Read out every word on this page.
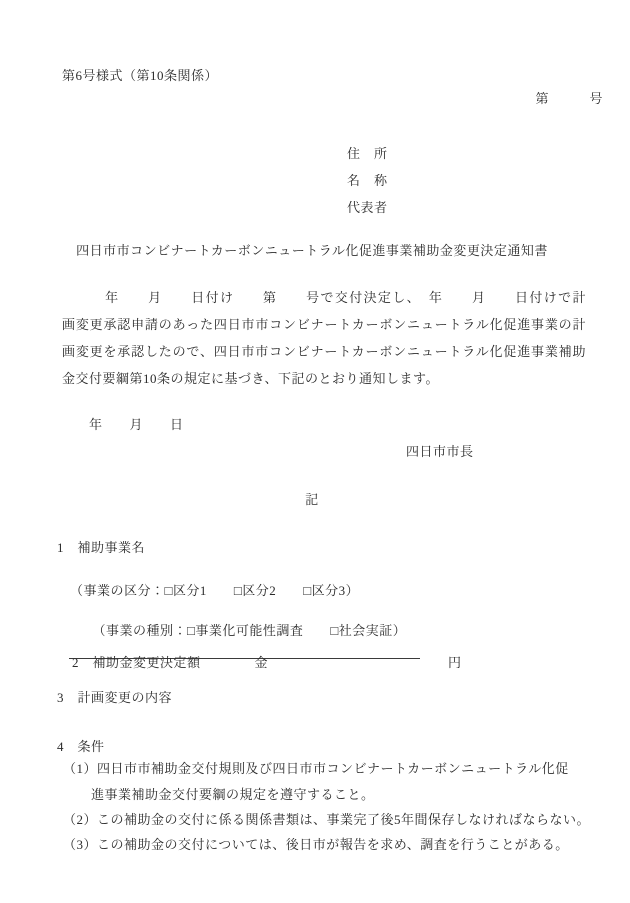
第6号様式（第10条関係）
第　　　号
住　所
名　称
代表者
四日市市コンビナートカーボンニュートラル化促進事業補助金変更決定通知書
　　　年　　月　　日付け　　第　　号で交付決定し、　年　　月　　日付けで計
画変更承認申請のあった四日市市コンビナートカーボンニュートラル化促進事業の計
画変更を承認したので、四日市市コンビナートカーボンニュートラル化促進事業補助
金交付要綱第10条の規定に基づき、下記のとおり通知します。
　　年　　月　　日
四日市市長
記
1　補助事業名

（事業の区分：□区分1 □区分2 □区分3）

（事業の種別：□事業化可能性調査 □社会実証）

2　補助金変更決定額	金	円

3　計画変更の内容
4　条件
（1）四日市市補助金交付規則及び四日市市コンビナートカーボンニュートラル化促
進事業補助金交付要綱の規定を遵守すること。
（2）この補助金の交付に係る関係書類は、事業完了後5年間保存しなければならない。
（3）この補助金の交付については、後日市が報告を求め、調査を行うことがある。
